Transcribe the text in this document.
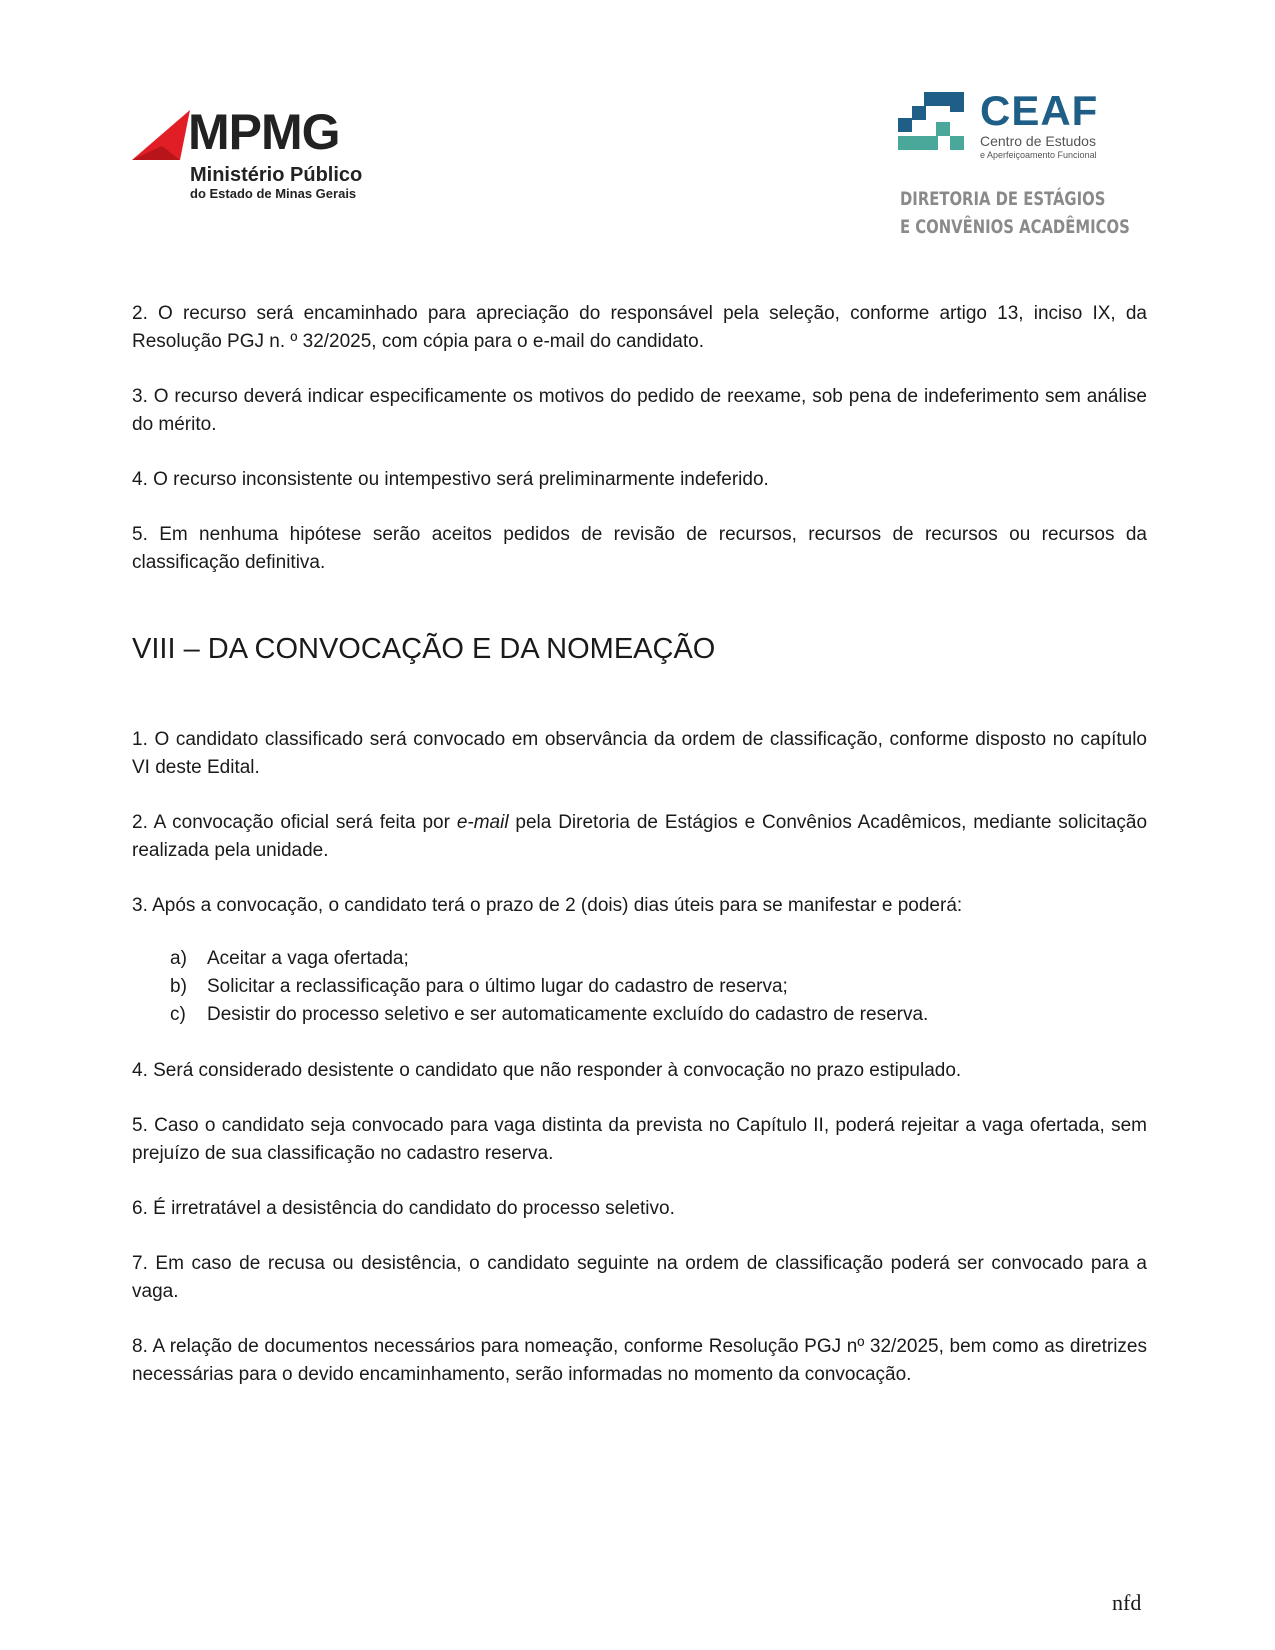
MPMG
Ministério Público
do Estado de Minas Gerais
CEAF
Centro de Estudos
e Aperfeiçoamento Funcional
DIRETORIA DE ESTÁGIOS
E CONVÊNIOS ACADÊMICOS

2. O recurso será encaminhado para apreciação do responsável pela seleção, conforme artigo 13, inciso IX, da Resolução PGJ n. º 32/2025, com cópia para o e-mail do candidato.

3. O recurso deverá indicar especificamente os motivos do pedido de reexame, sob pena de indeferimento sem análise do mérito.

4. O recurso inconsistente ou intempestivo será preliminarmente indeferido.

5. Em nenhuma hipótese serão aceitos pedidos de revisão de recursos, recursos de recursos ou recursos da classificação definitiva.

VIII – DA CONVOCAÇÃO E DA NOMEAÇÃO

1. O candidato classificado será convocado em observância da ordem de classificação, conforme disposto no capítulo VI deste Edital.

2. A convocação oficial será feita por e-mail pela Diretoria de Estágios e Convênios Acadêmicos, mediante solicitação realizada pela unidade.

3. Após a convocação, o candidato terá o prazo de 2 (dois) dias úteis para se manifestar e poderá:

a) Aceitar a vaga ofertada;
b) Solicitar a reclassificação para o último lugar do cadastro de reserva;
c) Desistir do processo seletivo e ser automaticamente excluído do cadastro de reserva.

4. Será considerado desistente o candidato que não responder à convocação no prazo estipulado.

5. Caso o candidato seja convocado para vaga distinta da prevista no Capítulo II, poderá rejeitar a vaga ofertada, sem prejuízo de sua classificação no cadastro reserva.

6. É irretratável a desistência do candidato do processo seletivo.

7. Em caso de recusa ou desistência, o candidato seguinte na ordem de classificação poderá ser convocado para a vaga.

8. A relação de documentos necessários para nomeação, conforme Resolução PGJ nº 32/2025, bem como as diretrizes necessárias para o devido encaminhamento, serão informadas no momento da convocação.

nfd
